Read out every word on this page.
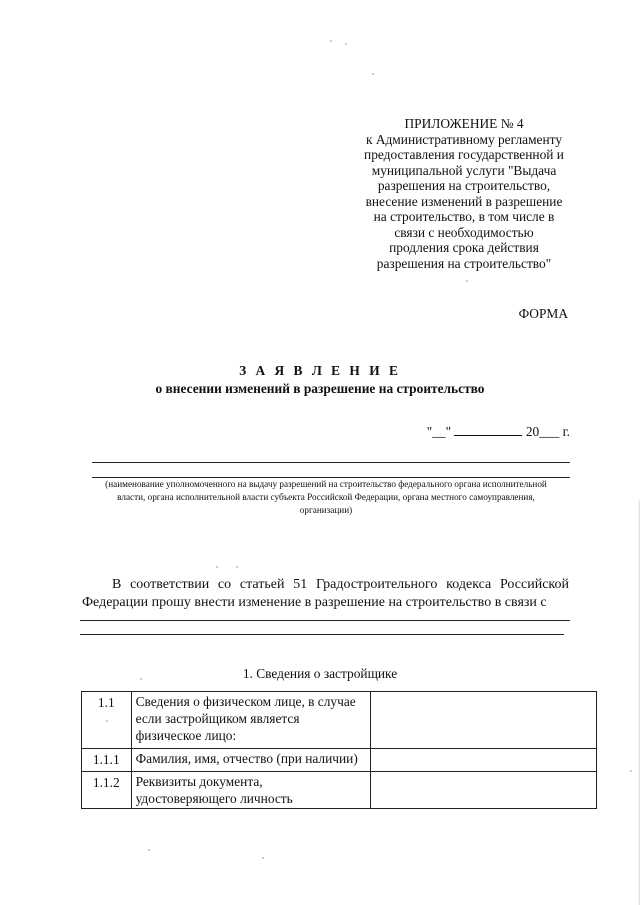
ПРИЛОЖЕНИЕ № 4
к Административному регламенту
предоставления государственной и
муниципальной услуги "Выдача
разрешения на строительство,
внесение изменений в разрешение
на строительство, в том числе в
связи с необходимостью
продления срока действия
разрешения на строительство"
ФОРМА
З А Я В Л Е Н И Е
о внесении изменений в разрешение на строительство
"__"	20___ г.
(наименование уполномоченного на выдачу разрешений на строительство федерального органа исполнительной власти, органа исполнительной власти субъекта Российской Федерации, органа местного самоуправления, организации)
В соответствии со статьей 51 Градостроительного кодекса Российской Федерации прошу внести изменение в разрешение на строительство в связи с
1. Сведения о застройщике
1.1	Сведения о физическом лице, в случае если застройщиком является физическое лицо:	
1.1.1	Фамилия, имя, отчество (при наличии)	
1.1.2	Реквизиты документа, удостоверяющего личность	
